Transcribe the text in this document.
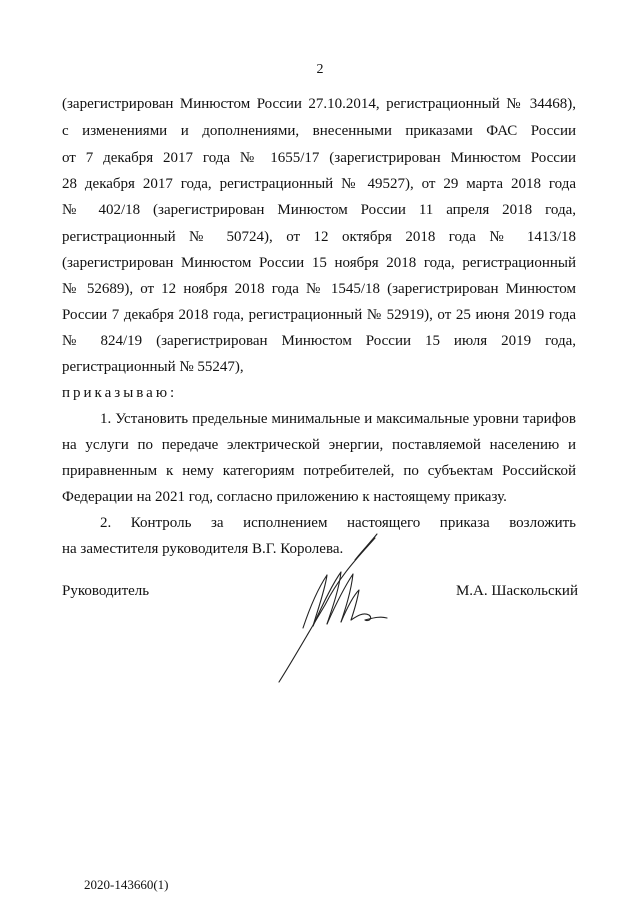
2
(зарегистрирован Минюстом России 27.10.2014, регистрационный № 34468),
с изменениями и дополнениями, внесенными приказами ФАС России
от 7 декабря 2017 года № 1655/17 (зарегистрирован Минюстом России
28 декабря 2017 года, регистрационный № 49527), от 29 марта 2018 года
№ 402/18 (зарегистрирован Минюстом России 11 апреля 2018 года,
регистрационный № 50724), от 12 октября 2018 года № 1413/18
(зарегистрирован Минюстом России 15 ноября 2018 года, регистрационный
№ 52689), от 12 ноября 2018 года № 1545/18 (зарегистрирован Минюстом
России 7 декабря 2018 года, регистрационный № 52919), от 25 июня 2019 года
№ 824/19 (зарегистрирован Минюстом России 15 июля 2019 года,
регистрационный № 55247),
приказываю:
1. Установить предельные минимальные и максимальные уровни тарифов
на услуги по передаче электрической энергии, поставляемой населению и
приравненным к нему категориям потребителей, по субъектам Российской
Федерации на 2021 год, согласно приложению к настоящему приказу.
2. Контроль за исполнением настоящего приказа возложить
на заместителя руководителя В.Г. Королева.
Руководитель	М.А. Шаскольский
2020-143660(1)
